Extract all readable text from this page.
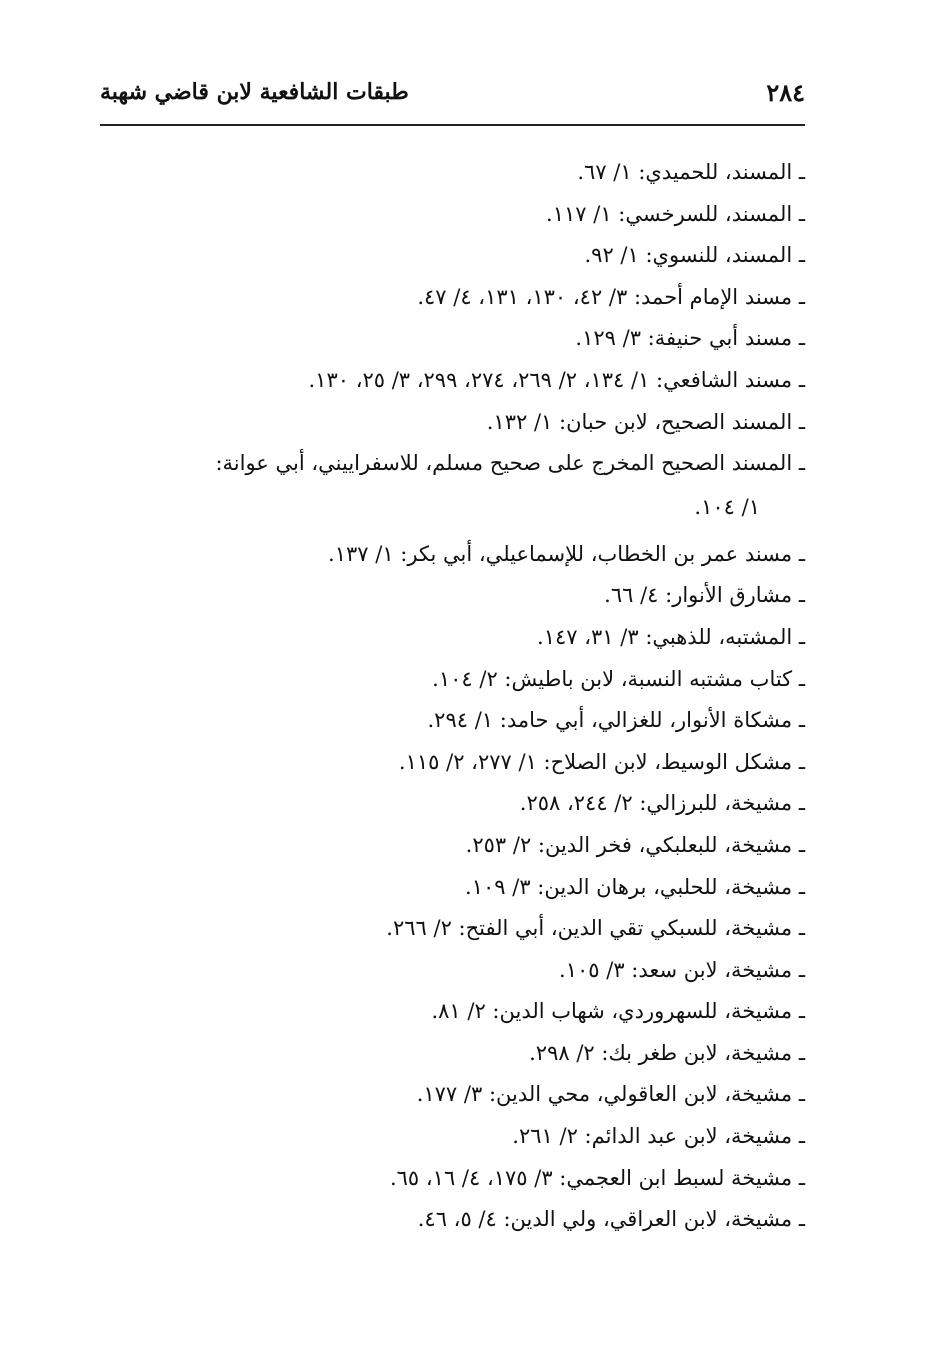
٢٨٤
طبقات الشافعية لابن قاضي شهبة
ـ المسند، للحميدي: ١/ ٦٧.
ـ المسند، للسرخسي: ١/ ١١٧.
ـ المسند، للنسوي: ١/ ٩٢.
ـ مسند الإمام أحمد: ٣/ ٤٢، ١٣٠، ١٣١، ٤/ ٤٧.
ـ مسند أبي حنيفة: ٣/ ١٢٩.
ـ مسند الشافعي: ١/ ١٣٤، ٢/ ٢٦٩، ٢٧٤، ٢٩٩، ٣/ ٢٥، ١٣٠.
ـ المسند الصحيح، لابن حبان: ١/ ١٣٢.
ـ المسند الصحيح المخرج على صحيح مسلم، للاسفراييني، أبي عوانة:
١/ ١٠٤.
ـ مسند عمر بن الخطاب، للإسماعيلي، أبي بكر: ١/ ١٣٧.
ـ مشارق الأنوار: ٤/ ٦٦.
ـ المشتبه، للذهبي: ٣/ ٣١، ١٤٧.
ـ كتاب مشتبه النسبة، لابن باطيش: ٢/ ١٠٤.
ـ مشكاة الأنوار، للغزالي، أبي حامد: ١/ ٢٩٤.
ـ مشكل الوسيط، لابن الصلاح: ١/ ٢٧٧، ٢/ ١١٥.
ـ مشيخة، للبرزالي: ٢/ ٢٤٤، ٢٥٨.
ـ مشيخة، للبعلبكي، فخر الدين: ٢/ ٢٥٣.
ـ مشيخة، للحلبي، برهان الدين: ٣/ ١٠٩.
ـ مشيخة، للسبكي تقي الدين، أبي الفتح: ٢/ ٢٦٦.
ـ مشيخة، لابن سعد: ٣/ ١٠٥.
ـ مشيخة، للسهروردي، شهاب الدين: ٢/ ٨١.
ـ مشيخة، لابن طغر بك: ٢/ ٢٩٨.
ـ مشيخة، لابن العاقولي، محي الدين: ٣/ ١٧٧.
ـ مشيخة، لابن عبد الدائم: ٢/ ٢٦١.
ـ مشيخة لسبط ابن العجمي: ٣/ ١٧٥، ٤/ ١٦، ٦٥.
ـ مشيخة، لابن العراقي، ولي الدين: ٤/ ٥، ٤٦.
